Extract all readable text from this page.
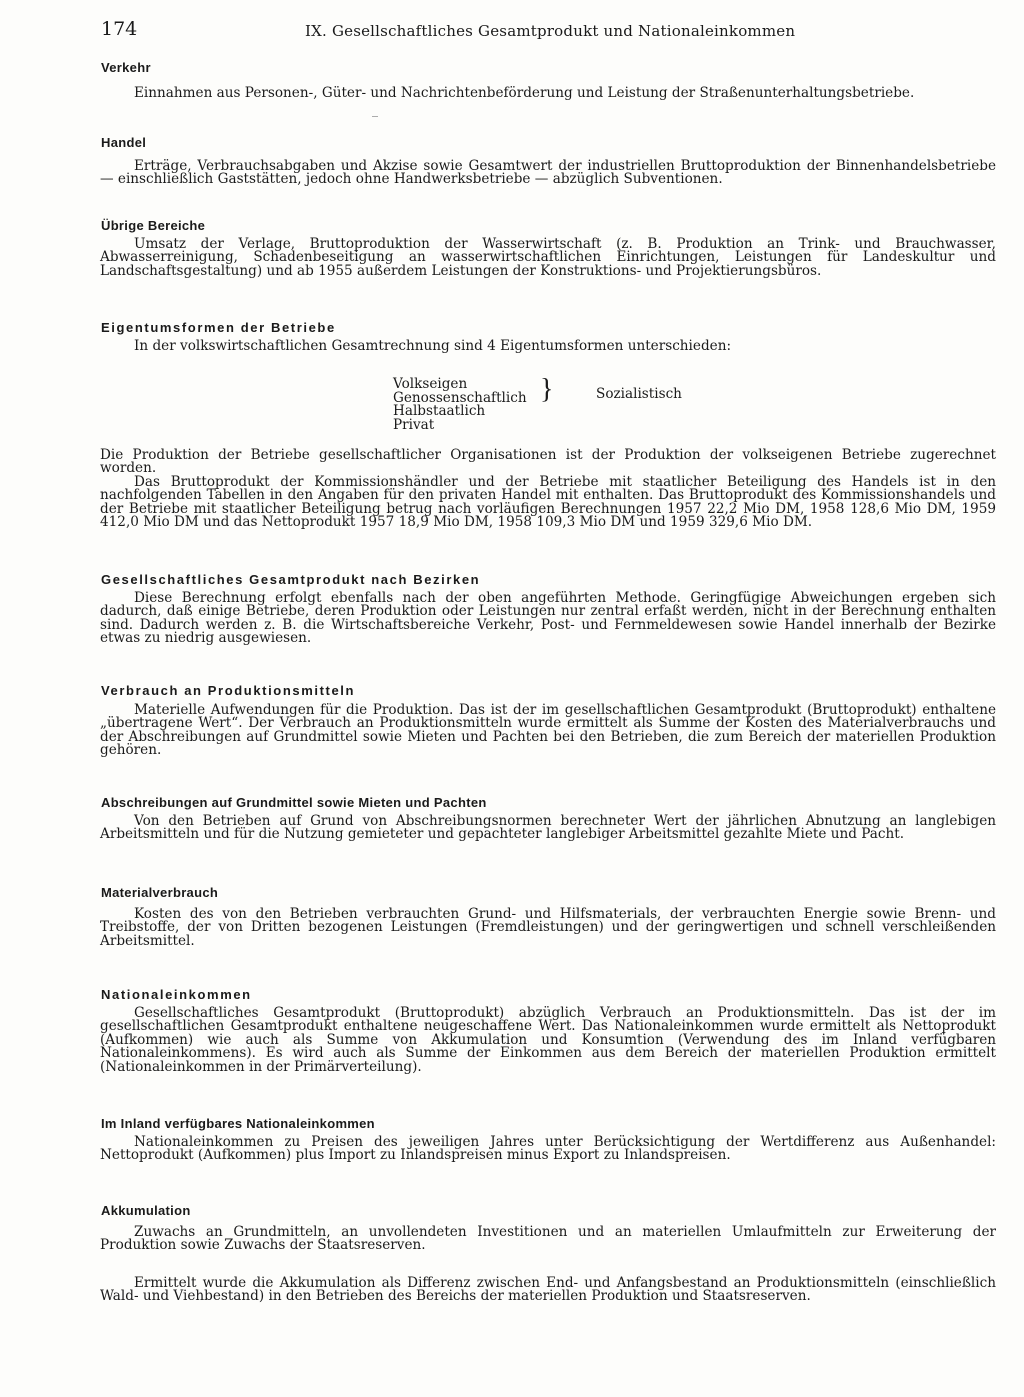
174	IX. Gesellschaftliches Gesamtprodukt und Nationaleinkommen
Verkehr

Einnahmen aus Personen-, Güter- und Nachrichtenbeförderung und Leistung der Straßenunterhaltungsbetriebe.

‾
Handel

Erträge, Verbrauchsabgaben und Akzise sowie Gesamtwert der industriellen Bruttoproduktion der Binnenhandelsbetriebe — einschließlich Gaststätten, jedoch ohne Handwerksbetriebe — abzüglich Subventionen.

Übrige Bereiche

Umsatz der Verlage, Bruttoproduktion der Wasserwirtschaft (z. B. Produktion an Trink- und Brauchwasser, Abwasserreinigung, Schadenbeseitigung an wasserwirtschaftlichen Einrichtungen, Leistungen für Landeskultur und Landschaftsgestaltung) und ab 1955 außerdem Leistungen der Konstruktions- und Projektierungsbüros.

Eigentumsformen der Betriebe

In der volkswirtschaftlichen Gesamtrechnung sind 4 Eigentumsformen unterschieden:

Volkseigen
Genossenschaftlich
Halbstaatlich
Privat
}	Sozialistisch

Die Produktion der Betriebe gesellschaftlicher Organisationen ist der Produktion der volkseigenen Betriebe zugerechnet worden.

Das Bruttoprodukt der Kommissionshändler und der Betriebe mit staatlicher Beteiligung des Handels ist in den nachfolgenden Tabellen in den Angaben für den privaten Handel mit enthalten. Das Bruttoprodukt des Kommissionshandels und der Betriebe mit staatlicher Beteiligung betrug nach vorläufigen Berechnungen 1957 22,2 Mio DM, 1958 128,6 Mio DM, 1959 412,0 Mio DM und das Nettoprodukt 1957 18,9 Mio DM, 1958 109,3 Mio DM und 1959 329,6 Mio DM.

Gesellschaftliches Gesamtprodukt nach Bezirken

Diese Berechnung erfolgt ebenfalls nach der oben angeführten Methode. Geringfügige Abweichungen ergeben sich dadurch, daß einige Betriebe, deren Produktion oder Leistungen nur zentral erfaßt werden, nicht in der Berechnung enthalten sind. Dadurch werden z. B. die Wirtschaftsbereiche Verkehr, Post- und Fernmeldewesen sowie Handel innerhalb der Bezirke etwas zu niedrig ausgewiesen.

Verbrauch an Produktionsmitteln

Materielle Aufwendungen für die Produktion. Das ist der im gesellschaftlichen Gesamtprodukt (Bruttoprodukt) enthaltene „übertragene Wert“. Der Verbrauch an Produktionsmitteln wurde ermittelt als Summe der Kosten des Materialverbrauchs und der Abschreibungen auf Grundmittel sowie Mieten und Pachten bei den Betrieben, die zum Bereich der materiellen Produktion gehören.

Abschreibungen auf Grundmittel sowie Mieten und Pachten

Von den Betrieben auf Grund von Abschreibungsnormen berechneter Wert der jährlichen Abnutzung an langlebigen Arbeitsmitteln und für die Nutzung gemieteter und gepachteter langlebiger Arbeitsmittel gezahlte Miete und Pacht.

Materialverbrauch

Kosten des von den Betrieben verbrauchten Grund- und Hilfsmaterials, der verbrauchten Energie sowie Brenn- und Treibstoffe, der von Dritten bezogenen Leistungen (Fremdleistungen) und der geringwertigen und schnell verschleißenden Arbeitsmittel.

Nationaleinkommen

Gesellschaftliches Gesamtprodukt (Bruttoprodukt) abzüglich Verbrauch an Produktionsmitteln. Das ist der im gesellschaftlichen Gesamtprodukt enthaltene neugeschaffene Wert. Das Nationaleinkommen wurde ermittelt als Nettoprodukt (Aufkommen) wie auch als Summe von Akkumulation und Konsumtion (Verwendung des im Inland verfügbaren Nationaleinkommens). Es wird auch als Summe der Einkommen aus dem Bereich der materiellen Produktion ermittelt (Nationaleinkommen in der Primärverteilung).

Im Inland verfügbares Nationaleinkommen

Nationaleinkommen zu Preisen des jeweiligen Jahres unter Berücksichtigung der Wertdifferenz aus Außenhandel: Nettoprodukt (Aufkommen) plus Import zu Inlandspreisen minus Export zu Inlandspreisen.

Akkumulation

Zuwachs an Grundmitteln, an unvollendeten Investitionen und an materiellen Umlaufmitteln zur Erweiterung der Produktion sowie Zuwachs der Staatsreserven.

Ermittelt wurde die Akkumulation als Differenz zwischen End- und Anfangsbestand an Produktionsmitteln (einschließlich Wald- und Viehbestand) in den Betrieben des Bereichs der materiellen Produktion und Staatsreserven.
